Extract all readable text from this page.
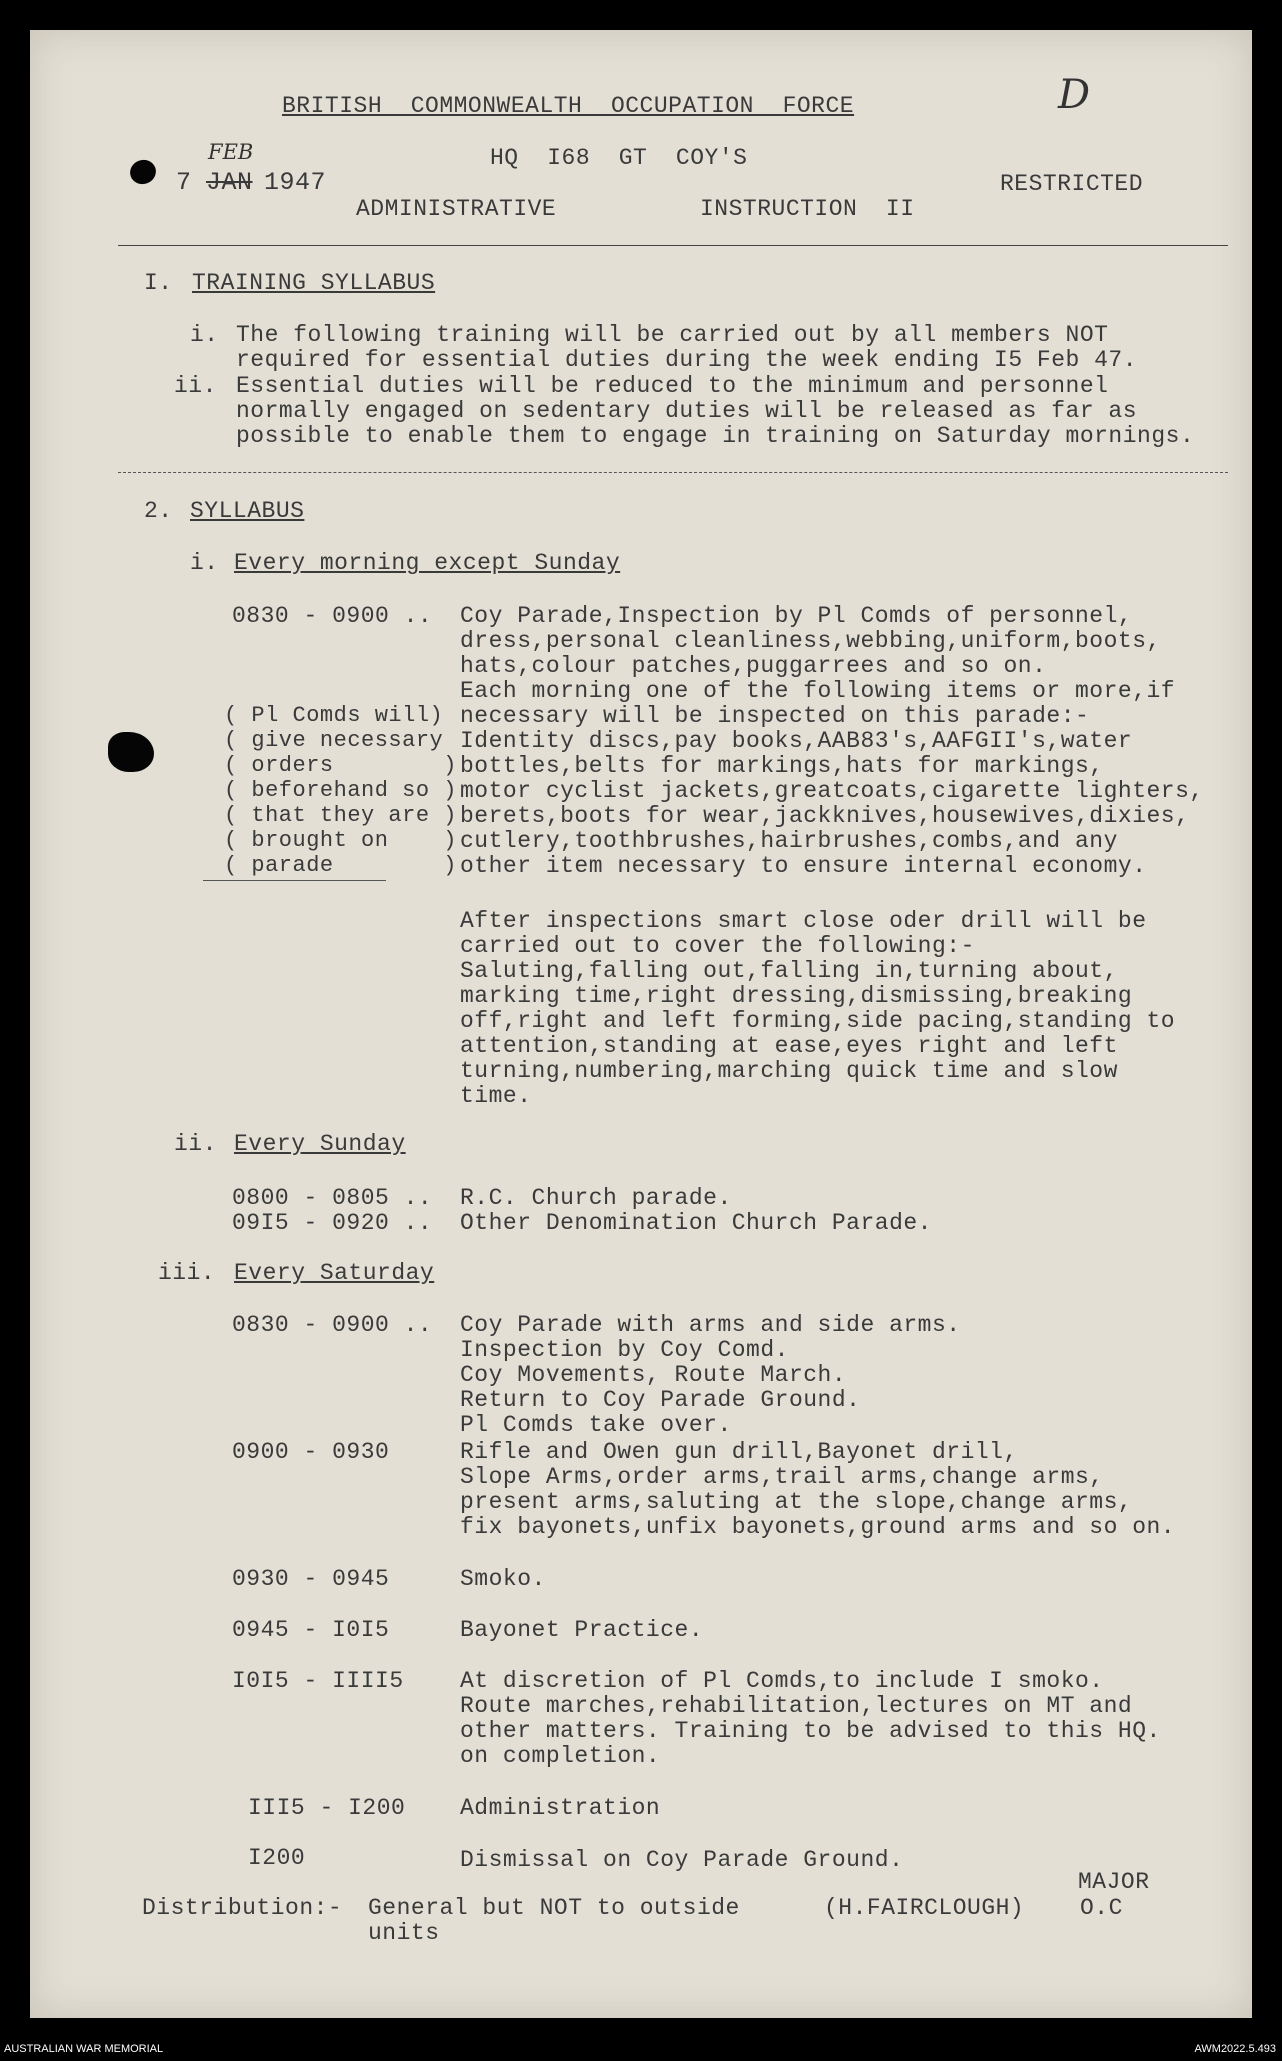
BRITISH  COMMONWEALTH  OCCUPATION  FORCE	D
7 JAN
FEB
1947
HQ  I68  GT  COY'S
ADMINISTRATIVE	INSTRUCTION  II
RESTRICTED
I. TRAINING SYLLABUS
i. The following training will be carried out by all members NOT
required for essential duties during the week ending I5 Feb 47.
ii. Essential duties will be reduced to the minimum and personnel
normally engaged on sedentary duties will be released as far as
possible to enable them to engage in training on Saturday mornings.
2. SYLLABUS
i. Every morning except Sunday
0830 - 0900 .. Coy Parade,Inspection by Pl Comds of personnel,
dress,personal cleanliness,webbing,uniform,boots,
hats,colour patches,puggarrees and so on.
Each morning one of the following items or more,if
necessary will be inspected on this parade:-
Identity discs,pay books,AAB83's,AAFGII's,water
bottles,belts for markings,hats for markings,
motor cyclist jackets,greatcoats,cigarette lighters,
berets,boots for wear,jackknives,housewives,dixies,
cutlery,toothbrushes,hairbrushes,combs,and any
other item necessary to ensure internal economy.
( Pl Comds will)
( give necessary
( orders        )
( beforehand so )
( that they are )
( brought on    )
( parade        )
After inspections smart close oder drill will be
carried out to cover the following:-
Saluting,falling out,falling in,turning about,
marking time,right dressing,dismissing,breaking
off,right and left forming,side pacing,standing to
attention,standing at ease,eyes right and left
turning,numbering,marching quick time and slow
time.
ii. Every Sunday
0800 - 0805 .. R.C. Church parade.
09I5 - 0920 .. Other Denomination Church Parade.
iii. Every Saturday
0830 - 0900 .. Coy Parade with arms and side arms.
Inspection by Coy Comd.
Coy Movements, Route March.
Return to Coy Parade Ground.
Pl Comds take over.
0900 - 0930	Rifle and Owen gun drill,Bayonet drill,
Slope Arms,order arms,trail arms,change arms,
present arms,saluting at the slope,change arms,
fix bayonets,unfix bayonets,ground arms and so on.
0930 - 0945	Smoko.
0945 - I0I5	Bayonet Practice.
I0I5 - IIII5 At discretion of Pl Comds,to include I smoko.
Route marches,rehabilitation,lectures on MT and
other matters. Training to be advised to this HQ.
on completion.
III5 - I200 Administration
I200	Dismissal on Coy Parade Ground.
Distribution:- General but NOT to outside
units
(H.FAIRCLOUGH)
MAJOR
O.C
AUSTRALIAN WAR MEMORIAL	AWM2022.5.493
